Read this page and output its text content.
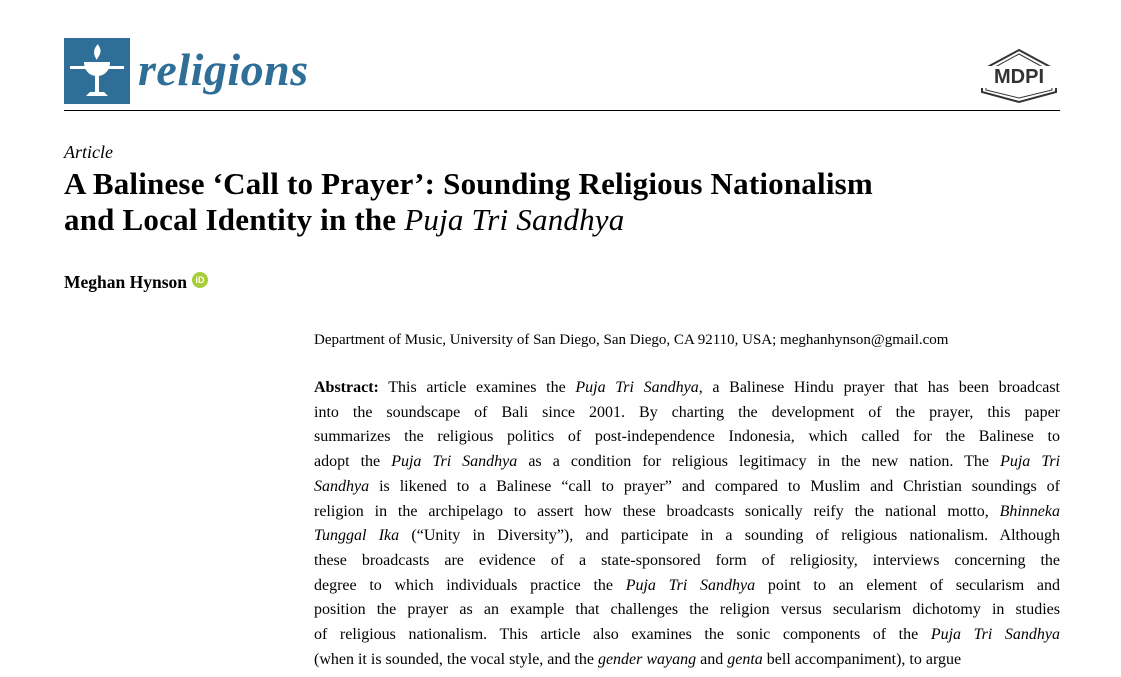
religions	MDPI
Article
A Balinese ‘Call to Prayer’: Sounding Religious Nationalism
and Local Identity in the Puja Tri Sandhya
Meghan Hynson iD
Department of Music, University of San Diego, San Diego, CA 92110, USA; meghanhynson@gmail.com
Abstract: This article examines the Puja Tri Sandhya, a Balinese Hindu prayer that has been broadcast
into the soundscape of Bali since 2001. By charting the development of the prayer, this paper
summarizes the religious politics of post-independence Indonesia, which called for the Balinese to
adopt the Puja Tri Sandhya as a condition for religious legitimacy in the new nation. The Puja Tri
Sandhya is likened to a Balinese “call to prayer” and compared to Muslim and Christian soundings of
religion in the archipelago to assert how these broadcasts sonically reify the national motto, Bhinneka
Tunggal Ika (“Unity in Diversity”), and participate in a sounding of religious nationalism. Although
these broadcasts are evidence of a state-sponsored form of religiosity, interviews concerning the
degree to which individuals practice the Puja Tri Sandhya point to an element of secularism and
position the prayer as an example that challenges the religion versus secularism dichotomy in studies
of religious nationalism. This article also examines the sonic components of the Puja Tri Sandhya
(when it is sounded, the vocal style, and the gender wayang and genta bell accompaniment), to argue
